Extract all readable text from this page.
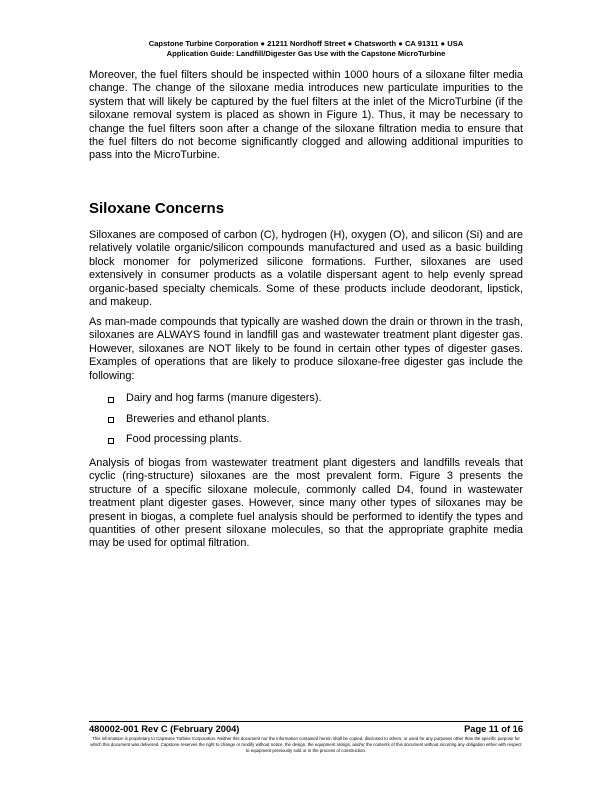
Capstone Turbine Corporation ● 21211 Nordhoff Street ● Chatsworth ● CA 91311 ● USA
Application Guide: Landfill/Digester Gas Use with the Capstone MicroTurbine

Moreover, the fuel filters should be inspected within 1000 hours of a siloxane filter media change. The change of the siloxane media introduces new particulate impurities to the system that will likely be captured by the fuel filters at the inlet of the MicroTurbine (if the siloxane removal system is placed as shown in Figure 1). Thus, it may be necessary to change the fuel filters soon after a change of the siloxane filtration media to ensure that the fuel filters do not become significantly clogged and allowing additional impurities to pass into the MicroTurbine.

Siloxane Concerns

Siloxanes are composed of carbon (C), hydrogen (H), oxygen (O), and silicon (Si) and are relatively volatile organic/silicon compounds manufactured and used as a basic building block monomer for polymerized silicone formations. Further, siloxanes are used extensively in consumer products as a volatile dispersant agent to help evenly spread organic-based specialty chemicals. Some of these products include deodorant, lipstick, and makeup.

As man-made compounds that typically are washed down the drain or thrown in the trash, siloxanes are ALWAYS found in landfill gas and wastewater treatment plant digester gas. However, siloxanes are NOT likely to be found in certain other types of digester gases. Examples of operations that are likely to produce siloxane-free digester gas include the following:

Dairy and hog farms (manure digesters).
Breweries and ethanol plants.
Food processing plants.

Analysis of biogas from wastewater treatment plant digesters and landfills reveals that cyclic (ring-structure) siloxanes are the most prevalent form. Figure 3 presents the structure of a specific siloxane molecule, commonly called D4, found in wastewater treatment plant digester gases. However, since many other types of siloxanes may be present in biogas, a complete fuel analysis should be performed to identify the types and quantities of other present siloxane molecules, so that the appropriate graphite media may be used for optimal filtration.

480002-001 Rev C (February 2004)	Page 11 of 16
This information is proprietary to Capstone Turbine Corporation. Neither this document nor the information contained herein shall be copied, disclosed to others, or used for any purposes other than the specific purpose for which this document was delivered. Capstone reserves the right to change or modify without notice, the design, the equipment ratings, and/or the contents of this document without incurring any obligation either with respect to equipment previously sold or in the process of construction.
